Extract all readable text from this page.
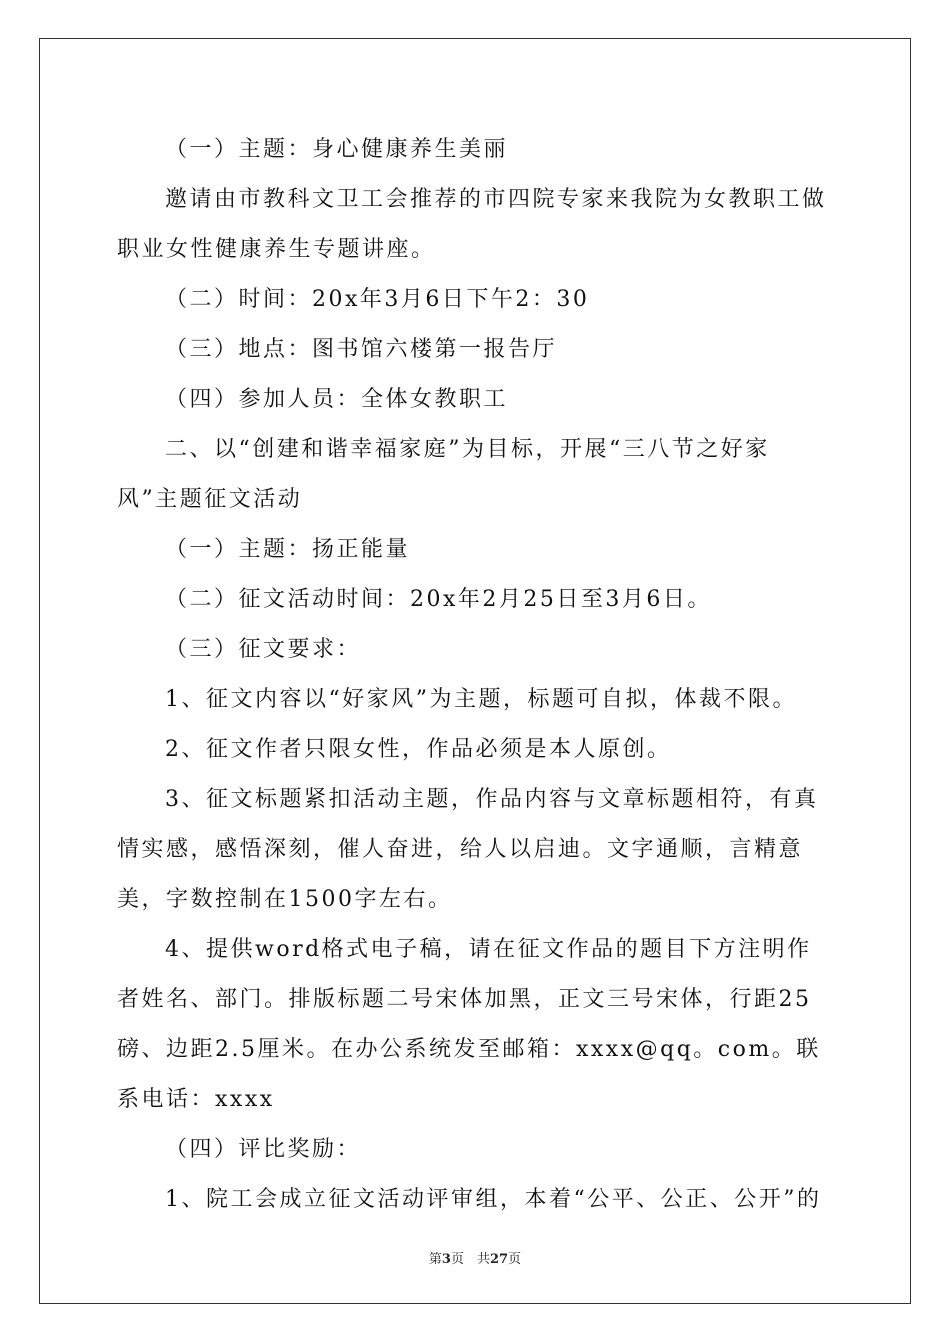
（一）主题：身心健康养生美丽

邀请由市教科文卫工会推荐的市四院专家来我院为女教职工做职业女性健康养生专题讲座。

（二）时间：20x年3月6日下午2：30

（三）地点：图书馆六楼第一报告厅

（四）参加人员：全体女教职工

二、以“创建和谐幸福家庭”为目标，开展“三八节之好家风”主题征文活动

（一）主题：扬正能量

（二）征文活动时间：20x年2月25日至3月6日。

（三）征文要求：

1、征文内容以“好家风”为主题，标题可自拟，体裁不限。

2、征文作者只限女性，作品必须是本人原创。

3、征文标题紧扣活动主题，作品内容与文章标题相符，有真情实感，感悟深刻，催人奋进，给人以启迪。文字通顺，言精意美，字数控制在1500字左右。

4、提供word格式电子稿，请在征文作品的题目下方注明作者姓名、部门。排版标题二号宋体加黑，正文三号宋体，行距25磅、边距2.5厘米。在办公系统发至邮箱：xxxx@qq。com。联系电话：xxxx

（四）评比奖励：

1、院工会成立征文活动评审组，本着“公平、公正、公开”的

第3页　共27页
